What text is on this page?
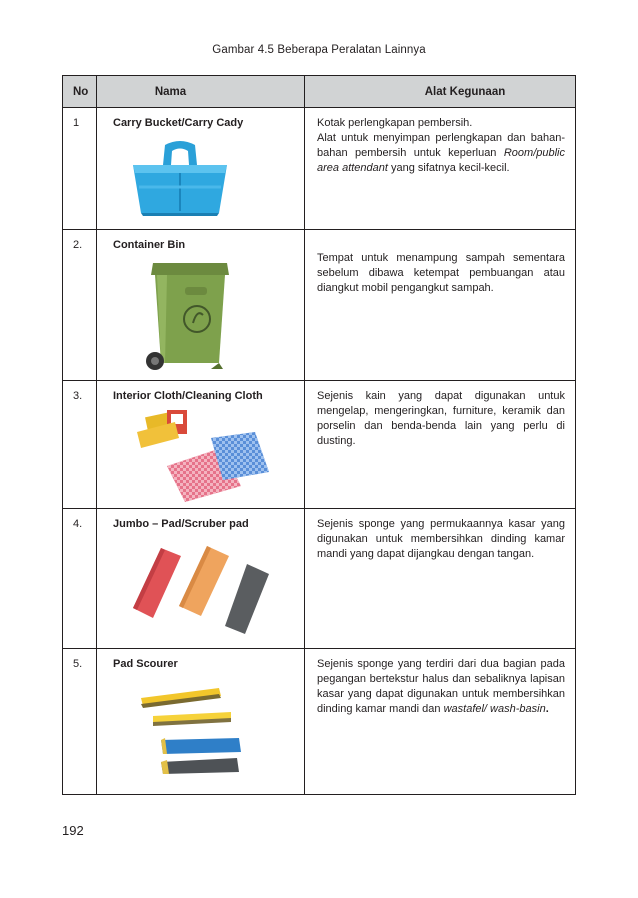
Gambar 4.5 Beberapa Peralatan Lainnya
No	Nama	Alat Kegunaan
1	Carry Bucket/Carry Cady	Kotak perlengkapan pembersih.
Alat untuk menyimpan perlengkapan dan bahan-bahan pembersih untuk keperluan Room/public area attendant yang sifatnya kecil-kecil.

2.	Container Bin	Tempat untuk menampung sampah sementara sebelum dibawa ketempat pembuangan atau diangkut mobil pengangkut sampah.

3.	Interior Cloth/Cleaning Cloth	Sejenis kain yang dapat digunakan untuk mengelap, mengeringkan, furniture, keramik dan porselin dan benda-benda lain yang perlu di dusting.

4.	Jumbo – Pad/Scruber pad	Sejenis sponge yang permukaannya kasar yang digunakan untuk membersihkan dinding kamar mandi yang dapat dijangkau dengan tangan.

5.	Pad Scourer	Sejenis sponge yang terdiri dari dua bagian pada pegangan bertekstur halus dan sebaliknya lapisan kasar yang dapat digunakan untuk membersihkan dinding kamar mandi dan wastafel/ wash-basin.
192
